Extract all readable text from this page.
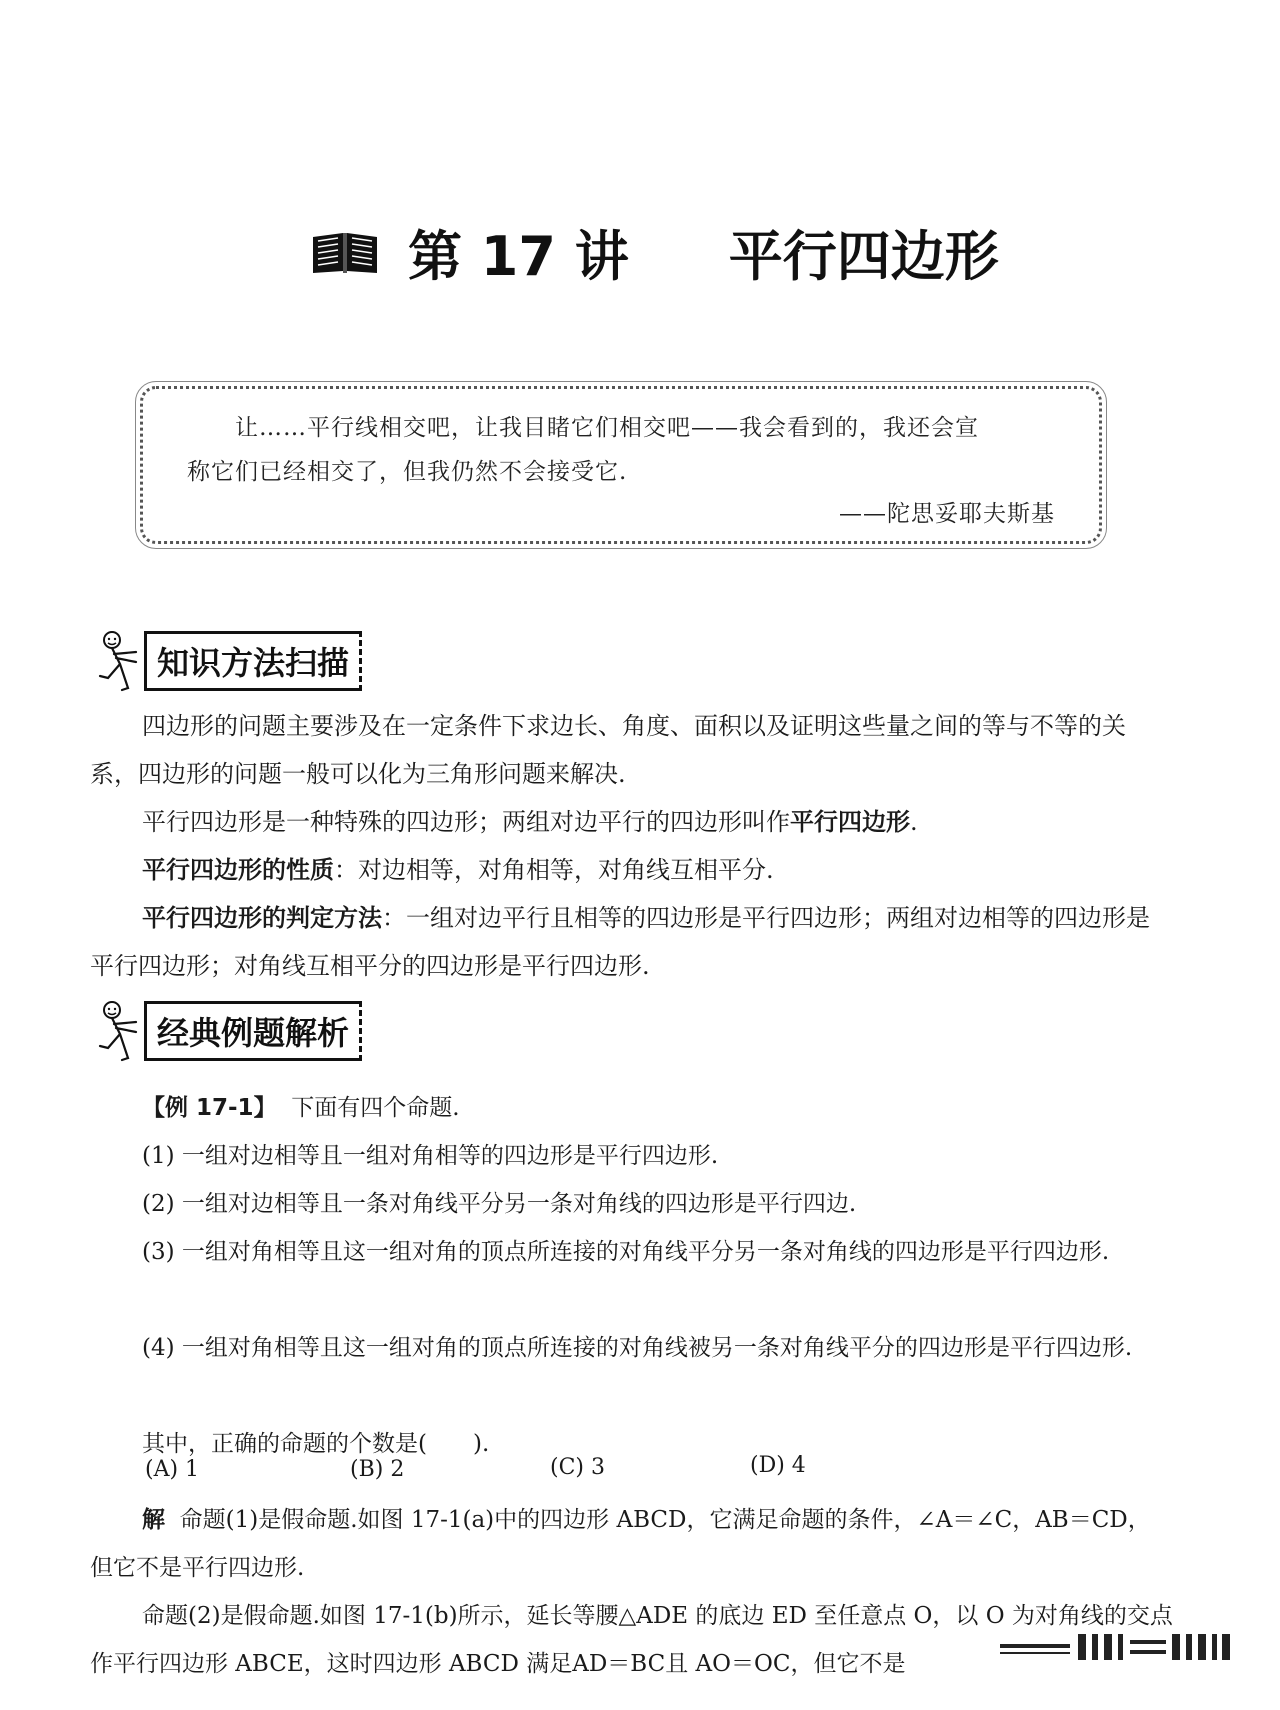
第 17 讲 平行四边形
让……平行线相交吧，让我目睹它们相交吧——我会看到的，我还会宣
称它们已经相交了，但我仍然不会接受它.
——陀思妥耶夫斯基
知识方法扫描

四边形的问题主要涉及在一定条件下求边长、角度、面积以及证明这些量之间的等与不等的关系，四边形的问题一般可以化为三角形问题来解决.

平行四边形是一种特殊的四边形；两组对边平行的四边形叫作平行四边形.

平行四边形的性质：对边相等，对角相等，对角线互相平分.

平行四边形的判定方法：一组对边平行且相等的四边形是平行四边形；两组对边相等的四边形是平行四边形；对角线互相平分的四边形是平行四边形.

经典例题解析

【例 17-1】 下面有四个命题.

(1) 一组对边相等且一组对角相等的四边形是平行四边形.

(2) 一组对边相等且一条对角线平分另一条对角线的四边形是平行四边.

(3) 一组对角相等且这一组对角的顶点所连接的对角线平分另一条对角线的四边形是平行四边形.

(4) 一组对角相等且这一组对角的顶点所连接的对角线被另一条对角线平分的四边形是平行四边形.

其中，正确的命题的个数是(　　).

(A) 1	(B) 2	(C) 3	(D) 4

解 命题(1)是假命题.如图 17-1(a)中的四边形 ABCD，它满足命题的条件，∠A＝∠C，AB＝CD，但它不是平行四边形.

命题(2)是假命题.如图 17-1(b)所示，延长等腰△ADE 的底边 ED 至任意点 O，以 O 为对角线的交点作平行四边形 ABCE，这时四边形 ABCD 满足AD＝BC且 AO＝OC，但它不是
